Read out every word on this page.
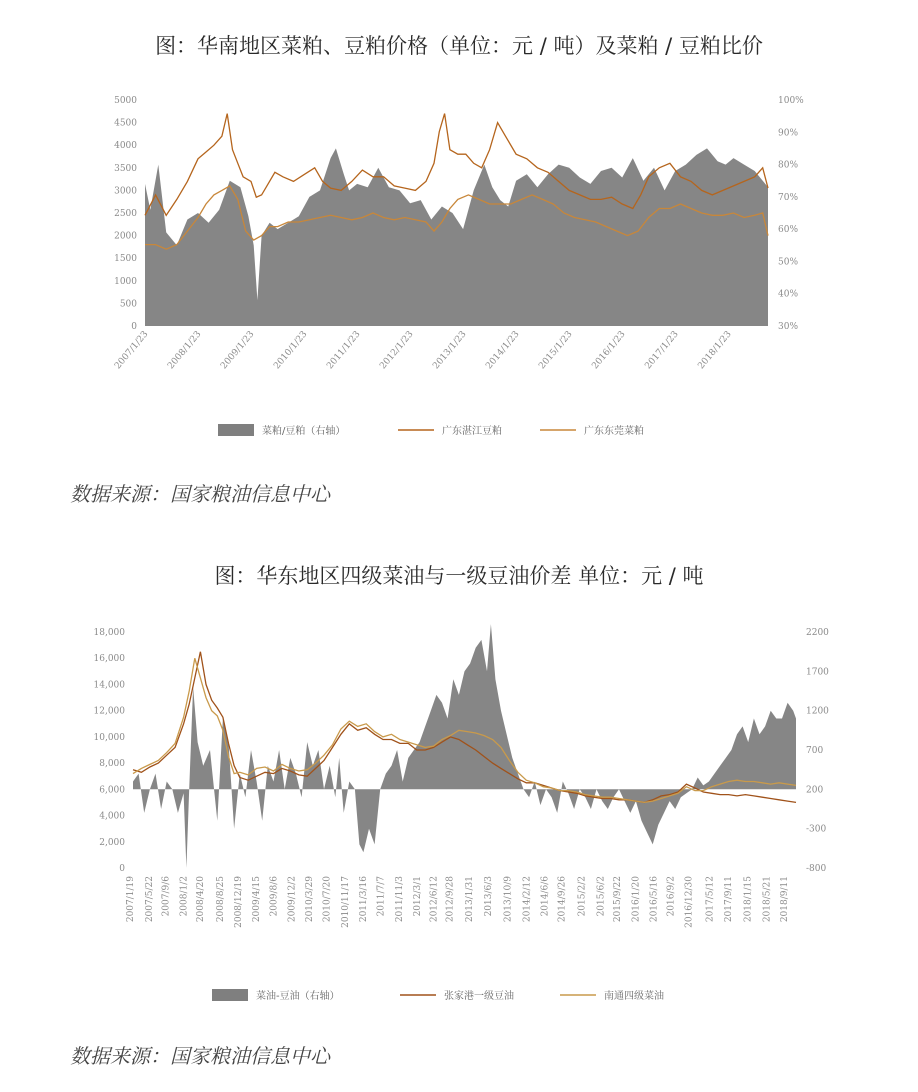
图：华南地区菜粕、豆粕价格（单位：元 / 吨）及菜粕 / 豆粕比价
0
500
1000
1500
2000
2500
3000
3500
4000
4500
5000
30%
40%
50%
60%
70%
80%
90%
100%
2007/1/23 2008/1/23 2009/1/23 2010/1/23 2011/1/23 2012/1/23 2013/1/23 2014/1/23 2015/1/23 2016/1/23 2017/1/23 2018/1/23
菜粕/豆粕（右轴）	广东湛江豆粕	广东东莞菜粕
数据来源：国家粮油信息中心
图：华东地区四级菜油与一级豆油价差 单位：元 / 吨
0
2,000
4,000
6,000
8,000
10,000
12,000
14,000
16,000
18,000
-800
-300
200
700
1200
1700
2200
2007/1/19 2007/5/22 2007/9/6 2008/1/2 2008/4/20 2008/8/25 2008/12/19 2009/4/15 2009/8/6 2009/12/2 2010/3/29 2010/7/20 2010/11/17 2011/3/16 2011/7/7 2011/11/3 2012/3/1 2012/6/12 2012/9/28 2013/1/31 2013/6/3 2013/10/9 2014/2/12 2014/6/6 2014/9/26 2015/2/2 2015/6/2 2015/9/22 2016/1/20 2016/5/16 2016/9/2 2016/12/30 2017/5/12 2017/9/11 2018/1/15 2018/5/21 2018/9/11
菜油-豆油（右轴）	张家港一级豆油	南通四级菜油
数据来源：国家粮油信息中心
